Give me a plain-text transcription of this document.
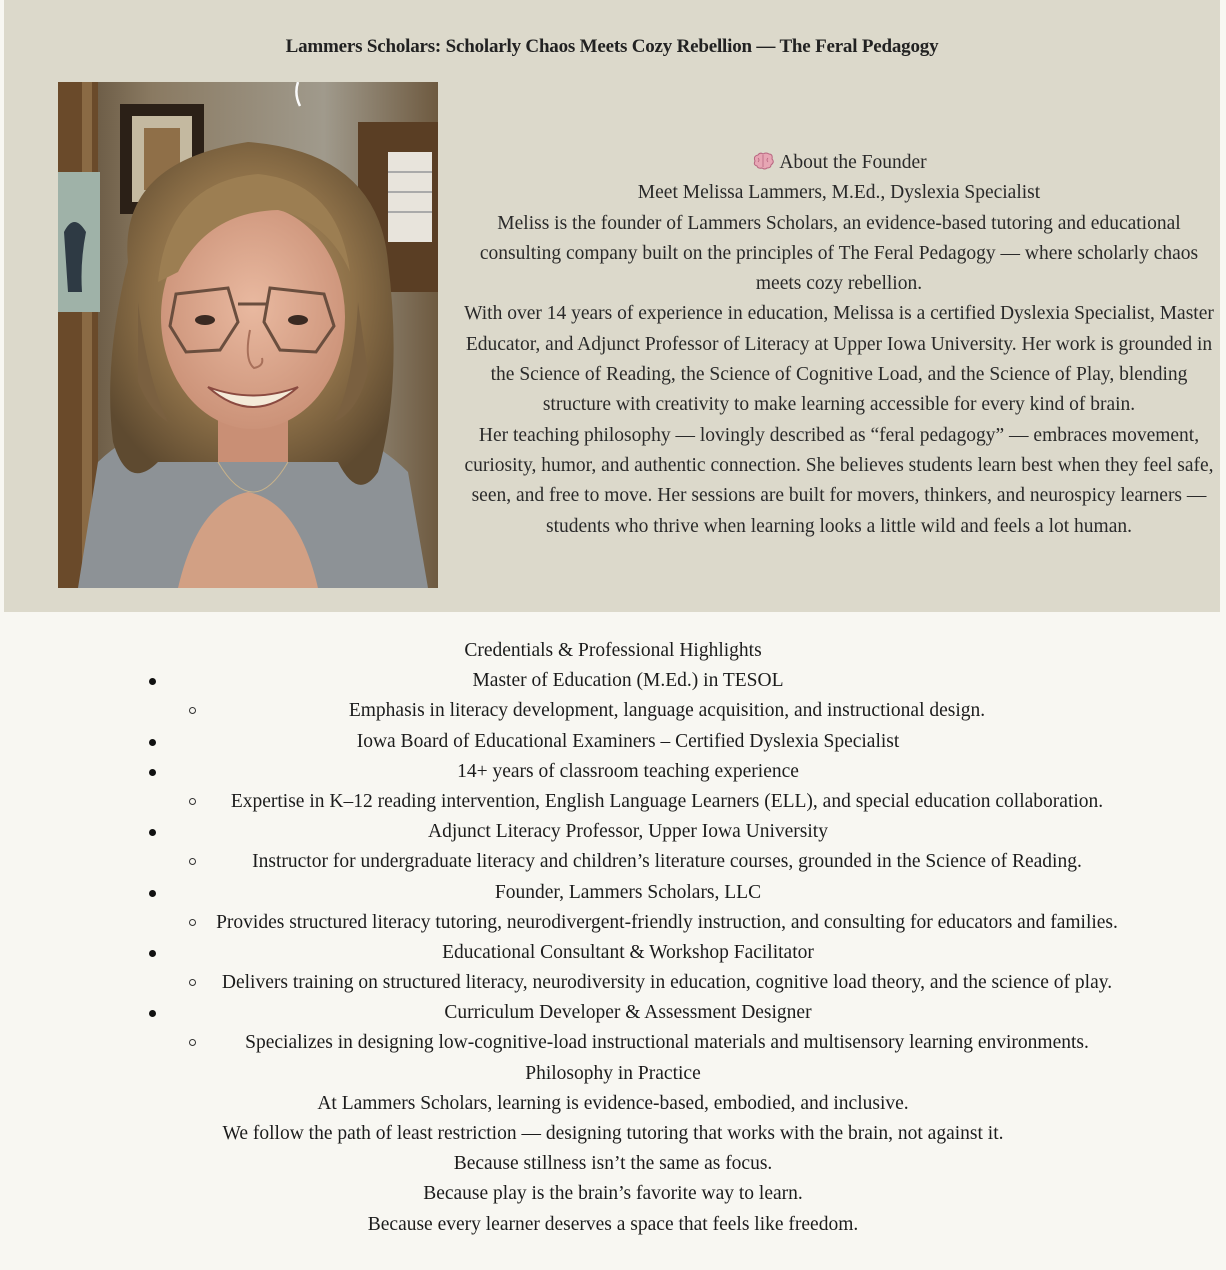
Lammers Scholars: Scholarly Chaos Meets Cozy Rebellion — The Feral Pedagogy

About the Founder

Meet Melissa Lammers, M.Ed., Dyslexia Specialist

Meliss is the founder of Lammers Scholars, an evidence-based tutoring and educational consulting company built on the principles of The Feral Pedagogy — where scholarly chaos meets cozy rebellion.

With over 14 years of experience in education, Melissa is a certified Dyslexia Specialist, Master Educator, and Adjunct Professor of Literacy at Upper Iowa University. Her work is grounded in the Science of Reading, the Science of Cognitive Load, and the Science of Play, blending structure with creativity to make learning accessible for every kind of brain.

Her teaching philosophy — lovingly described as “feral pedagogy” — embraces movement, curiosity, humor, and authentic connection. She believes students learn best when they feel safe, seen, and free to move. Her sessions are built for movers, thinkers, and neurospicy learners — students who thrive when learning looks a little wild and feels a lot human.

Credentials & Professional Highlights
Master of Education (M.Ed.) in TESOL
Emphasis in literacy development, language acquisition, and instructional design.
Iowa Board of Educational Examiners – Certified Dyslexia Specialist
14+ years of classroom teaching experience
Expertise in K–12 reading intervention, English Language Learners (ELL), and special education collaboration.
Adjunct Literacy Professor, Upper Iowa University
Instructor for undergraduate literacy and children’s literature courses, grounded in the Science of Reading.
Founder, Lammers Scholars, LLC
Provides structured literacy tutoring, neurodivergent-friendly instruction, and consulting for educators and families.
Educational Consultant & Workshop Facilitator
Delivers training on structured literacy, neurodiversity in education, cognitive load theory, and the science of play.
Curriculum Developer & Assessment Designer
Specializes in designing low-cognitive-load instructional materials and multisensory learning environments.
Philosophy in Practice
At Lammers Scholars, learning is evidence-based, embodied, and inclusive.
We follow the path of least restriction — designing tutoring that works with the brain, not against it.
Because stillness isn’t the same as focus.
Because play is the brain’s favorite way to learn.
Because every learner deserves a space that feels like freedom.
